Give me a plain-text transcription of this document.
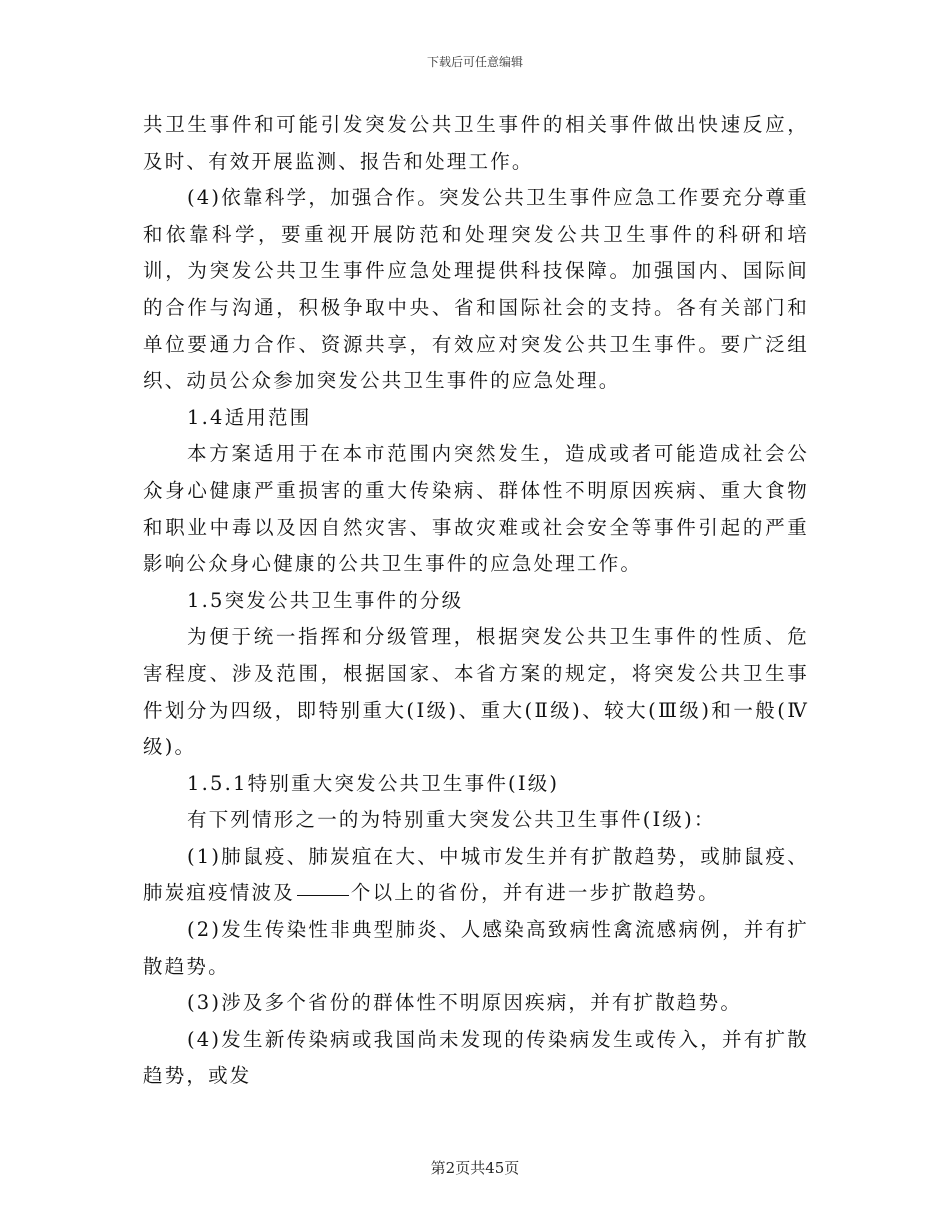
下载后可任意编辑

共卫生事件和可能引发突发公共卫生事件的相关事件做出快速反应，及时、有效开展监测、报告和处理工作。

(4)依靠科学，加强合作。突发公共卫生事件应急工作要充分尊重和依靠科学，要重视开展防范和处理突发公共卫生事件的科研和培训，为突发公共卫生事件应急处理提供科技保障。加强国内、国际间的合作与沟通，积极争取中央、省和国际社会的支持。各有关部门和单位要通力合作、资源共享，有效应对突发公共卫生事件。要广泛组织、动员公众参加突发公共卫生事件的应急处理。

1.4适用范围

本方案适用于在本市范围内突然发生，造成或者可能造成社会公众身心健康严重损害的重大传染病、群体性不明原因疾病、重大食物和职业中毒以及因自然灾害、事故灾难或社会安全等事件引起的严重影响公众身心健康的公共卫生事件的应急处理工作。

1.5突发公共卫生事件的分级

为便于统一指挥和分级管理，根据突发公共卫生事件的性质、危害程度、涉及范围，根据国家、本省方案的规定，将突发公共卫生事件划分为四级，即特别重大(Ⅰ级)、重大(Ⅱ级)、较大(Ⅲ级)和一般(Ⅳ级)。

1.5.1特别重大突发公共卫生事件(Ⅰ级)

有下列情形之一的为特别重大突发公共卫生事件(Ⅰ级)：

(1)肺鼠疫、肺炭疽在大、中城市发生并有扩散趋势，或肺鼠疫、肺炭疽疫情波及	个以上的省份，并有进一步扩散趋势。

(2)发生传染性非典型肺炎、人感染高致病性禽流感病例，并有扩散趋势。

(3)涉及多个省份的群体性不明原因疾病，并有扩散趋势。

(4)发生新传染病或我国尚未发现的传染病发生或传入，并有扩散趋势，或发

第2页共45页
